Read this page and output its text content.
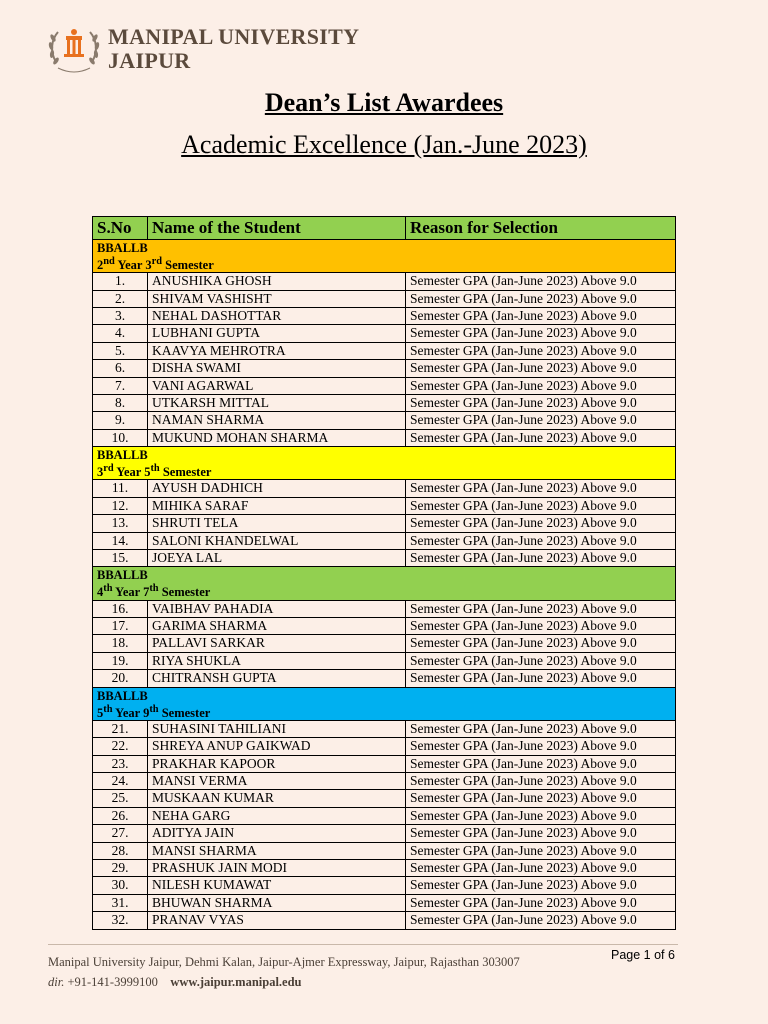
MANIPAL UNIVERSITY
JAIPUR
Dean’s List Awardees
Academic Excellence (Jan.-June 2023)
S.No	Name of the Student	Reason for Selection
BBALLB
2nd Year 3rd Semester		

1.	ANUSHIKA GHOSH	Semester GPA (Jan-June 2023) Above 9.0
2.	SHIVAM VASHISHT	Semester GPA (Jan-June 2023) Above 9.0
3.	NEHAL DASHOTTAR	Semester GPA (Jan-June 2023) Above 9.0
4.	LUBHANI GUPTA	Semester GPA (Jan-June 2023) Above 9.0
5.	KAAVYA MEHROTRA	Semester GPA (Jan-June 2023) Above 9.0
6.	DISHA SWAMI	Semester GPA (Jan-June 2023) Above 9.0
7.	VANI AGARWAL	Semester GPA (Jan-June 2023) Above 9.0
8.	UTKARSH MITTAL	Semester GPA (Jan-June 2023) Above 9.0
9.	NAMAN SHARMA	Semester GPA (Jan-June 2023) Above 9.0
10.	MUKUND MOHAN SHARMA	Semester GPA (Jan-June 2023) Above 9.0
BBALLB
3rd Year 5th Semester		

11.	AYUSH DADHICH	Semester GPA (Jan-June 2023) Above 9.0
12.	MIHIKA SARAF	Semester GPA (Jan-June 2023) Above 9.0
13.	SHRUTI TELA	Semester GPA (Jan-June 2023) Above 9.0
14.	SALONI KHANDELWAL	Semester GPA (Jan-June 2023) Above 9.0
15.	JOEYA LAL	Semester GPA (Jan-June 2023) Above 9.0
BBALLB
4th Year 7th Semester		

16.	VAIBHAV PAHADIA	Semester GPA (Jan-June 2023) Above 9.0
17.	GARIMA SHARMA	Semester GPA (Jan-June 2023) Above 9.0
18.	PALLAVI SARKAR	Semester GPA (Jan-June 2023) Above 9.0
19.	RIYA SHUKLA	Semester GPA (Jan-June 2023) Above 9.0
20.	CHITRANSH GUPTA	Semester GPA (Jan-June 2023) Above 9.0
BBALLB
5th Year 9th Semester		

21.	SUHASINI TAHILIANI	Semester GPA (Jan-June 2023) Above 9.0
22.	SHREYA ANUP GAIKWAD	Semester GPA (Jan-June 2023) Above 9.0
23.	PRAKHAR KAPOOR	Semester GPA (Jan-June 2023) Above 9.0
24.	MANSI VERMA	Semester GPA (Jan-June 2023) Above 9.0
25.	MUSKAAN KUMAR	Semester GPA (Jan-June 2023) Above 9.0
26.	NEHA GARG	Semester GPA (Jan-June 2023) Above 9.0
27.	ADITYA JAIN	Semester GPA (Jan-June 2023) Above 9.0
28.	MANSI SHARMA	Semester GPA (Jan-June 2023) Above 9.0
29.	PRASHUK JAIN MODI	Semester GPA (Jan-June 2023) Above 9.0
30.	NILESH KUMAWAT	Semester GPA (Jan-June 2023) Above 9.0
31.	BHUWAN SHARMA	Semester GPA (Jan-June 2023) Above 9.0
32.	PRANAV VYAS	Semester GPA (Jan-June 2023) Above 9.0
Manipal University Jaipur, Dehmi Kalan, Jaipur-Ajmer Expressway, Jaipur, Rajasthan 303007
dir. +91-141-3999100 www.jaipur.manipal.edu
Page 1 of 6
